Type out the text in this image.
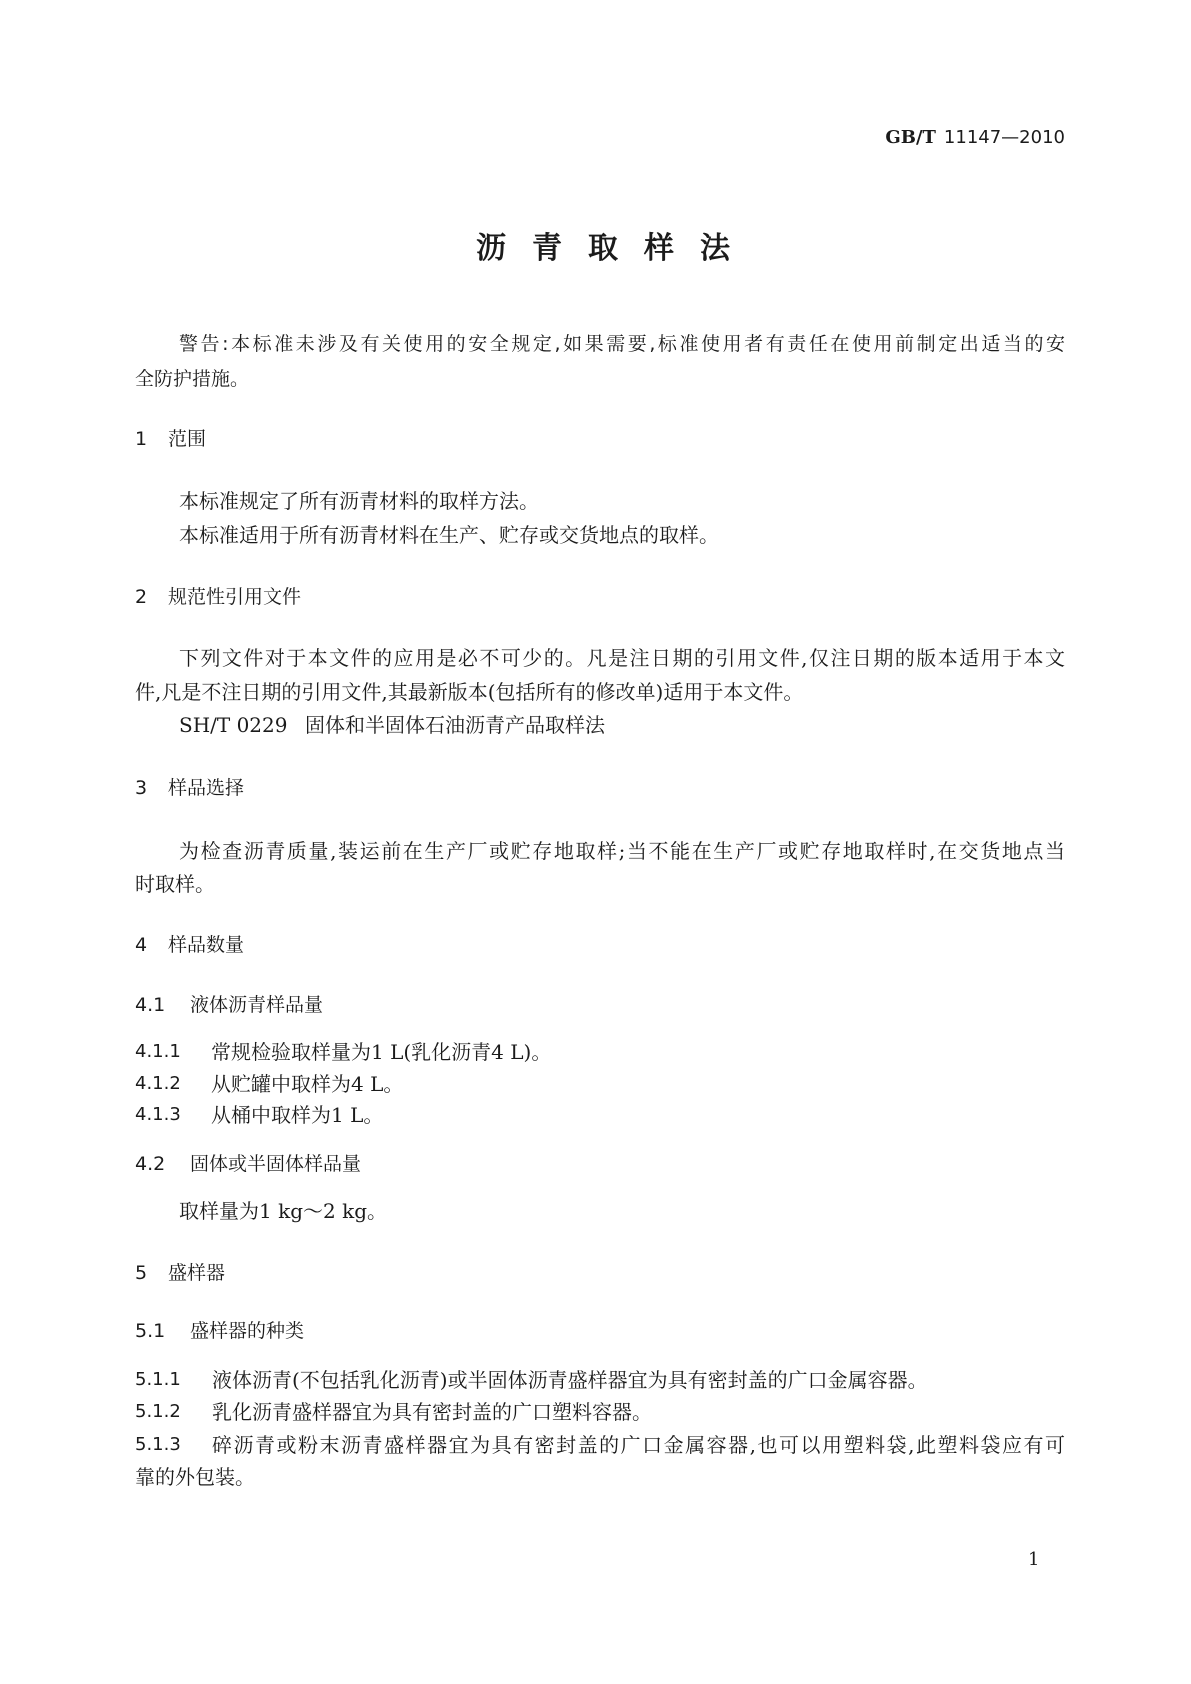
GB/T 11147—2010
沥 青 取 样 法
警告:本标准未涉及有关使用的安全规定,如果需要,标准使用者有责任在使用前制定出适当的安
全防护措施。
1 范围
本标准规定了所有沥青材料的取样方法。
本标准适用于所有沥青材料在生产、贮存或交货地点的取样。
2 规范性引用文件
下列文件对于本文件的应用是必不可少的。凡是注日期的引用文件,仅注日期的版本适用于本文
件,凡是不注日期的引用文件,其最新版本(包括所有的修改单)适用于本文件。
SH/T 0229 固体和半固体石油沥青产品取样法
3 样品选择
为检查沥青质量,装运前在生产厂或贮存地取样;当不能在生产厂或贮存地取样时,在交货地点当
时取样。
4 样品数量
4.1 液体沥青样品量
4.1.1 常规检验取样量为1 L(乳化沥青4 L)。
4.1.2 从贮罐中取样为4 L。
4.1.3 从桶中取样为1 L。
4.2 固体或半固体样品量
取样量为1 kg～2 kg。
5 盛样器
5.1 盛样器的种类
5.1.1 液体沥青(不包括乳化沥青)或半固体沥青盛样器宜为具有密封盖的广口金属容器。
5.1.2 乳化沥青盛样器宜为具有密封盖的广口塑料容器。
5.1.3 碎沥青或粉末沥青盛样器宜为具有密封盖的广口金属容器,也可以用塑料袋,此塑料袋应有可
靠的外包装。
1
